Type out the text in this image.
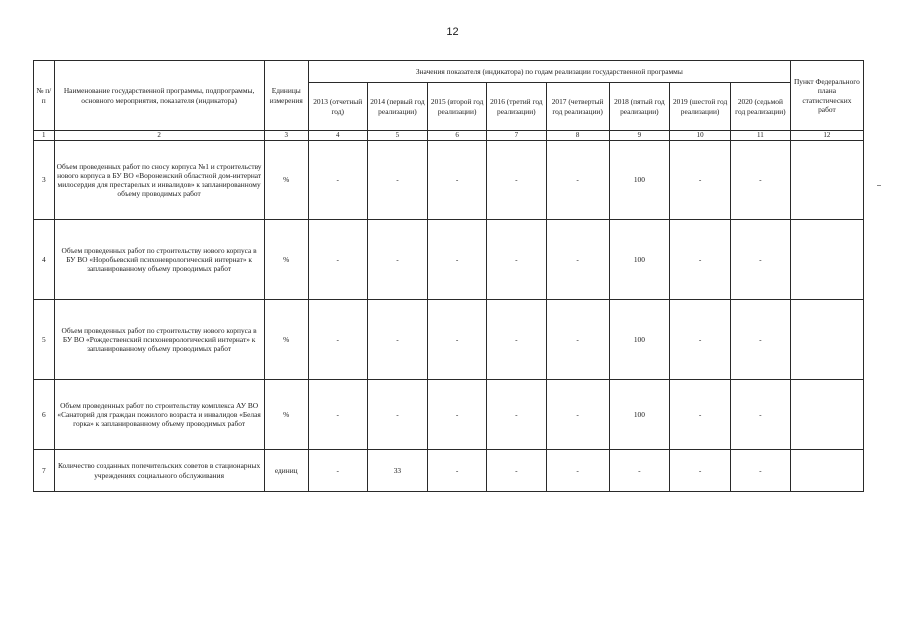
12
№ п/п	Наименование государственной программы, подпрограммы, основного мероприятия, показателя (индикатора)	Единицы измерения	Значения показателя (индикатора) по годам реализации государственной программы								Пункт Федерального плана статистических работ
			2013 (отчетный год)	2014 (первый год реализации)	2015 (второй год реализации)	2016 (третий год реализации)	2017 (четвертый год реализации)	2018 (пятый год реализации)	2019 (шестой год реализации)	2020 (седьмой год реализации)	
1	2	3	4	5	6	7	8	9	10	11	12
3	Объем проведенных работ по сносу корпуса №1 и строительству нового корпуса в БУ ВО «Воронежский областной дом-интернат милосердия для престарелых и инвалидов» к запланированному объему проводимых работ	%	-	-	-	-	-	100	-	-	
4	Объем проведенных работ по строительству нового корпуса в БУ ВО «Норобьевский психоневрологический интернат» к запланированному объему проводимых работ	%	-	-	-	-	-	100	-	-	
5	Объем проведенных работ по строительству нового корпуса в БУ ВО «Рождественский психоневрологический интернат» к запланированному объему проводимых работ	%	-	-	-	-	-	100	-	-	
6	Объем проведенных работ по строительству комплекса АУ ВО «Санаторий для граждан пожилого возраста и инвалидов «Белая горка» к запланированному объему проводимых работ	%	-	-	-	-	-	100	-	-	
7	Количество созданных попечительских советов в стационарных учреждениях социального обслуживания	единиц	-	33	-	-	-	-	-	-	
